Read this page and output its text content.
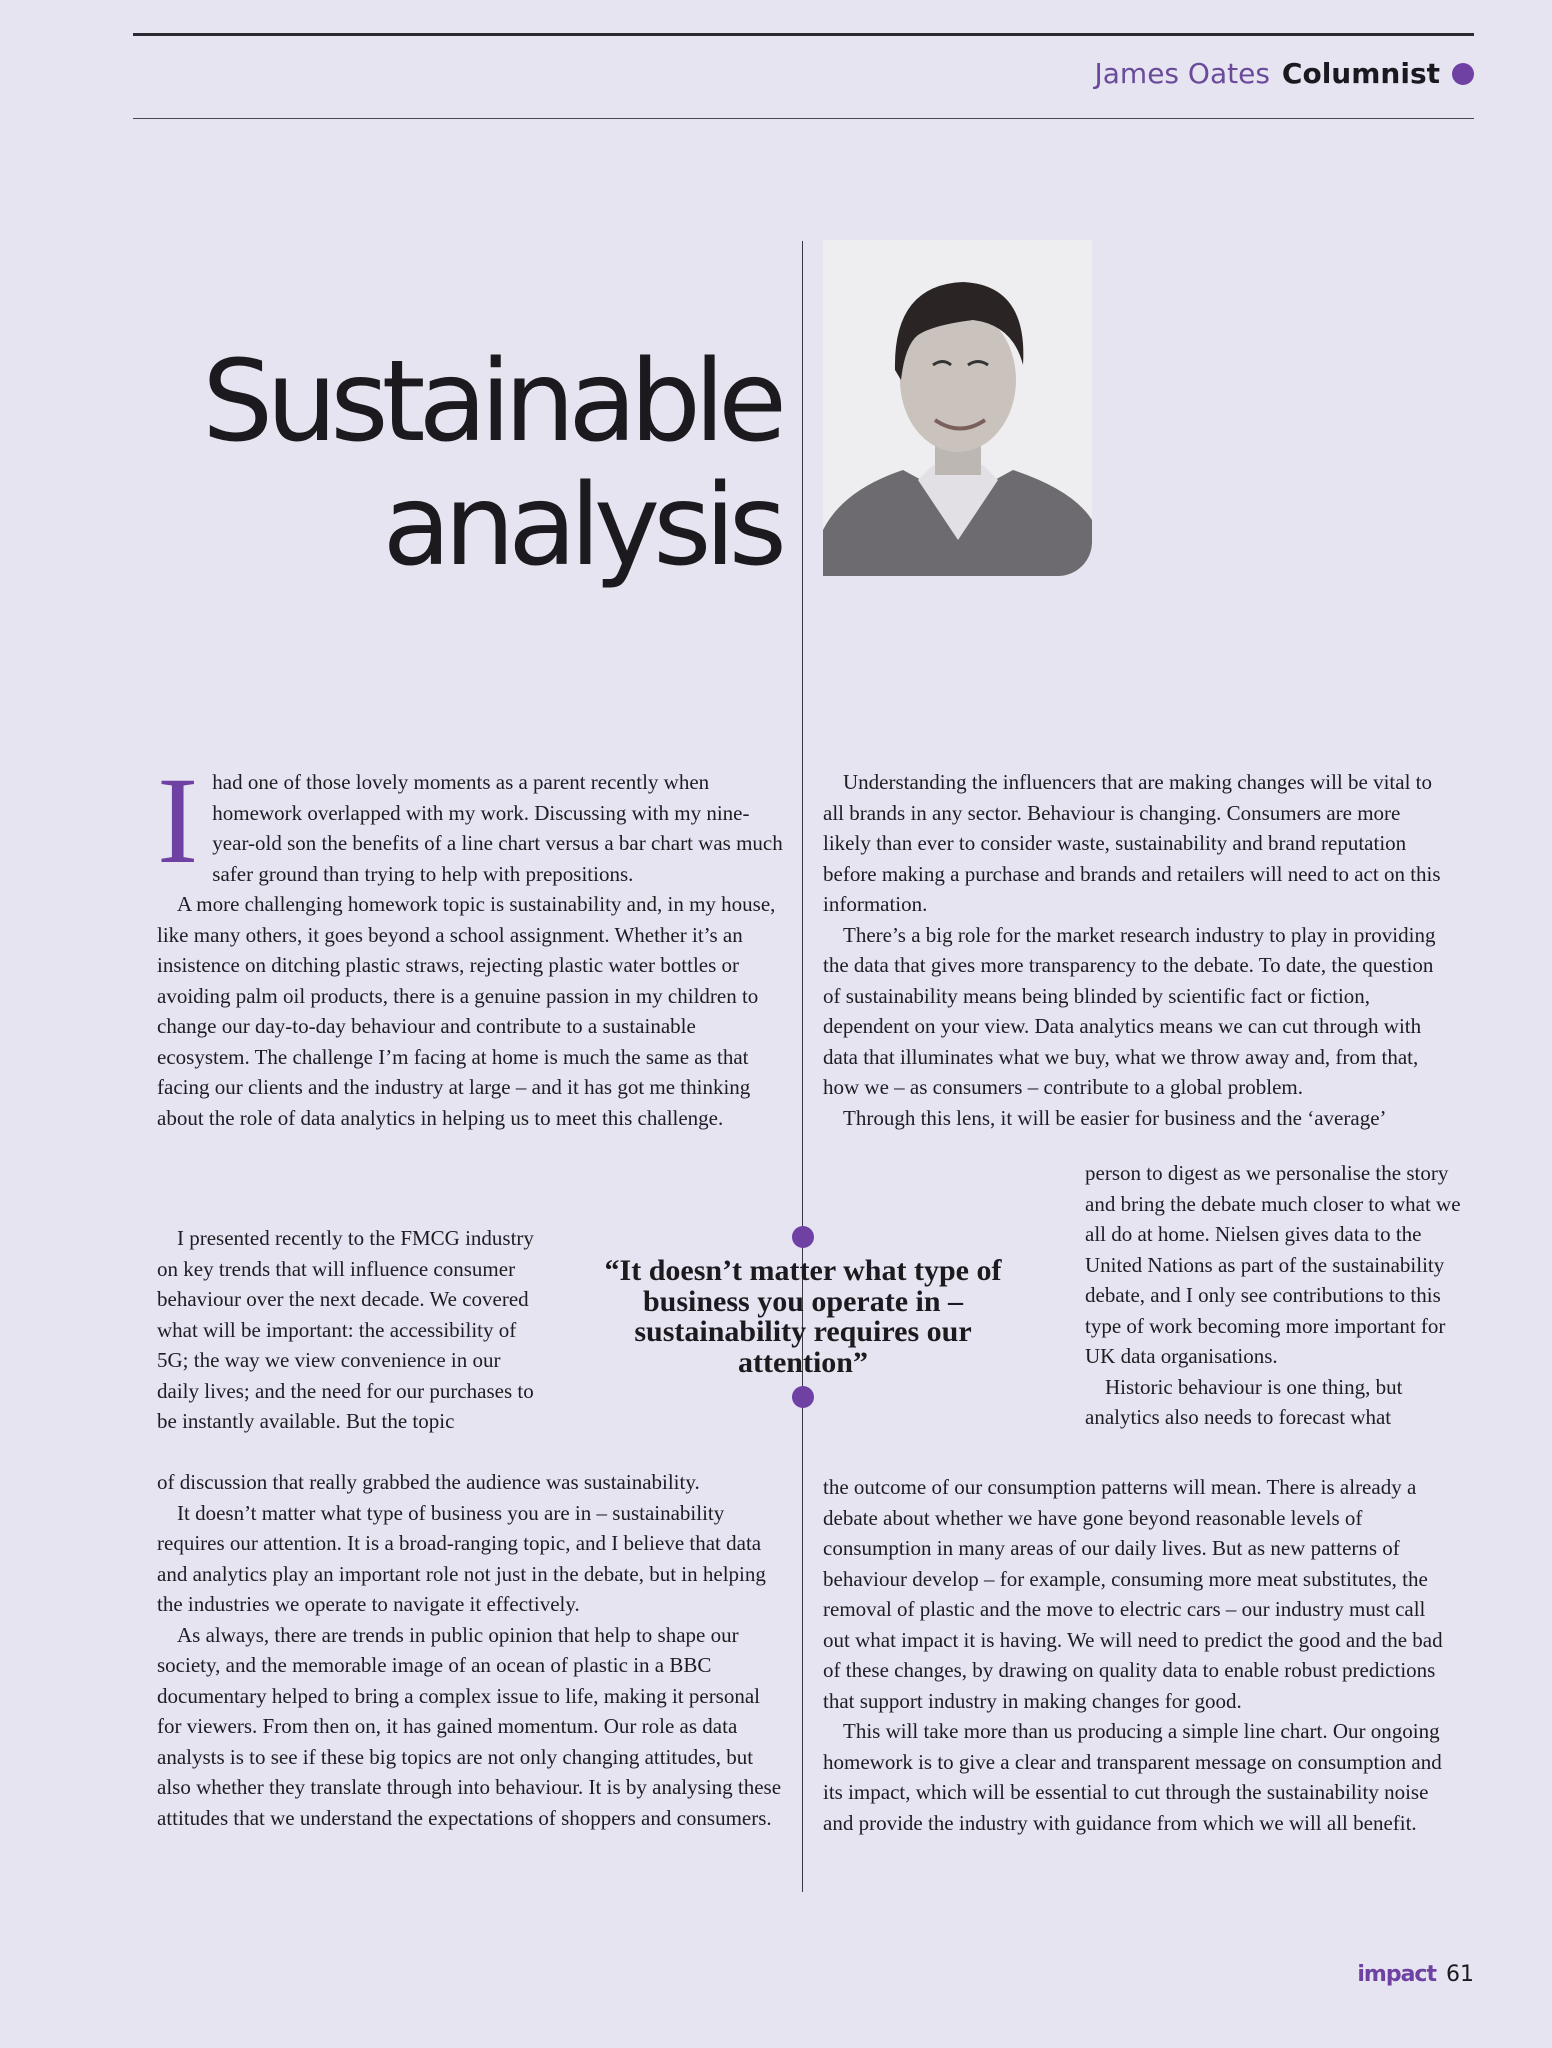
James Oates Columnist
Sustainable
analysis
I had one of those lovely moments as a parent recently when homework overlapped with my work. Discussing with my nine-year-old son the benefits of a line chart versus a bar chart was much safer ground than trying to help with prepositions.

A more challenging homework topic is sustainability and, in my house, like many others, it goes beyond a school assignment. Whether it’s an insistence on ditching plastic straws, rejecting plastic water bottles or avoiding palm oil products, there is a genuine passion in my children to change our day-to-day behaviour and contribute to a sustainable ecosystem. The challenge I’m facing at home is much the same as that facing our clients and the industry at large – and it has got me thinking about the role of data analytics in helping us to meet this challenge.

I presented recently to the FMCG industry on key trends that will influence consumer behaviour over the next decade. We covered what will be important: the accessibility of 5G; the way we view convenience in our daily lives; and the need for our purchases to be instantly available. But the topic

of discussion that really grabbed the audience was sustainability.

It doesn’t matter what type of business you are in – sustainability requires our attention. It is a broad-ranging topic, and I believe that data and analytics play an important role not just in the debate, but in helping the industries we operate to navigate it effectively.

As always, there are trends in public opinion that help to shape our society, and the memorable image of an ocean of plastic in a BBC documentary helped to bring a complex issue to life, making it personal for viewers. From then on, it has gained momentum. Our role as data analysts is to see if these big topics are not only changing attitudes, but also whether they translate through into behaviour. It is by analysing these attitudes that we understand the expectations of shoppers and consumers.

Understanding the influencers that are making changes will be vital to all brands in any sector. Behaviour is changing. Consumers are more likely than ever to consider waste, sustainability and brand reputation before making a purchase and brands and retailers will need to act on this information.

There’s a big role for the market research industry to play in providing the data that gives more transparency to the debate. To date, the question of sustainability means being blinded by scientific fact or fiction, dependent on your view. Data analytics means we can cut through with data that illuminates what we buy, what we throw away and, from that, how we – as consumers – contribute to a global problem.

Through this lens, it will be easier for business and the ‘average’

person to digest as we personalise the story and bring the debate much closer to what we all do at home. Nielsen gives data to the United Nations as part of the sustainability debate, and I only see contributions to this type of work becoming more important for UK data organisations.

Historic behaviour is one thing, but analytics also needs to forecast what

the outcome of our consumption patterns will mean. There is already a debate about whether we have gone beyond reasonable levels of consumption in many areas of our daily lives. But as new patterns of behaviour develop – for example, consuming more meat substitutes, the removal of plastic and the move to electric cars – our industry must call out what impact it is having. We will need to predict the good and the bad of these changes, by drawing on quality data to enable robust predictions that support industry in making changes for good.

This will take more than us producing a simple line chart. Our ongoing homework is to give a clear and transparent message on consumption and its impact, which will be essential to cut through the sustainability noise and provide the industry with guidance from which we will all benefit.

“It doesn’t matter what type of business you operate in – sustainability requires our attention”
impact 61
